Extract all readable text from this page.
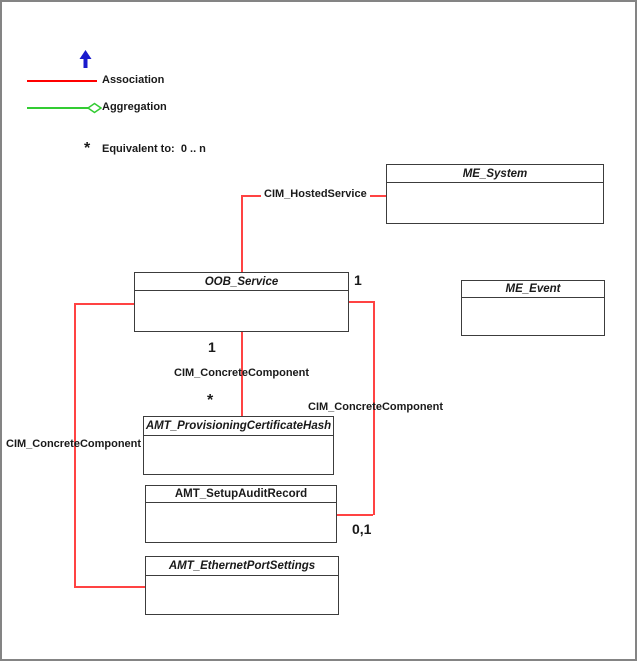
Association
Aggregation
* Equivalent to:  0 .. n
ME_System
ME_Event
OOB_Service
AMT_ProvisioningCertificateHash
AMT_SetupAuditRecord
AMT_EthernetPortSettings
CIM_HostedService
1
1
CIM_ConcreteComponent
*	CIM_ConcreteComponent
0,1
CIM_ConcreteComponent
